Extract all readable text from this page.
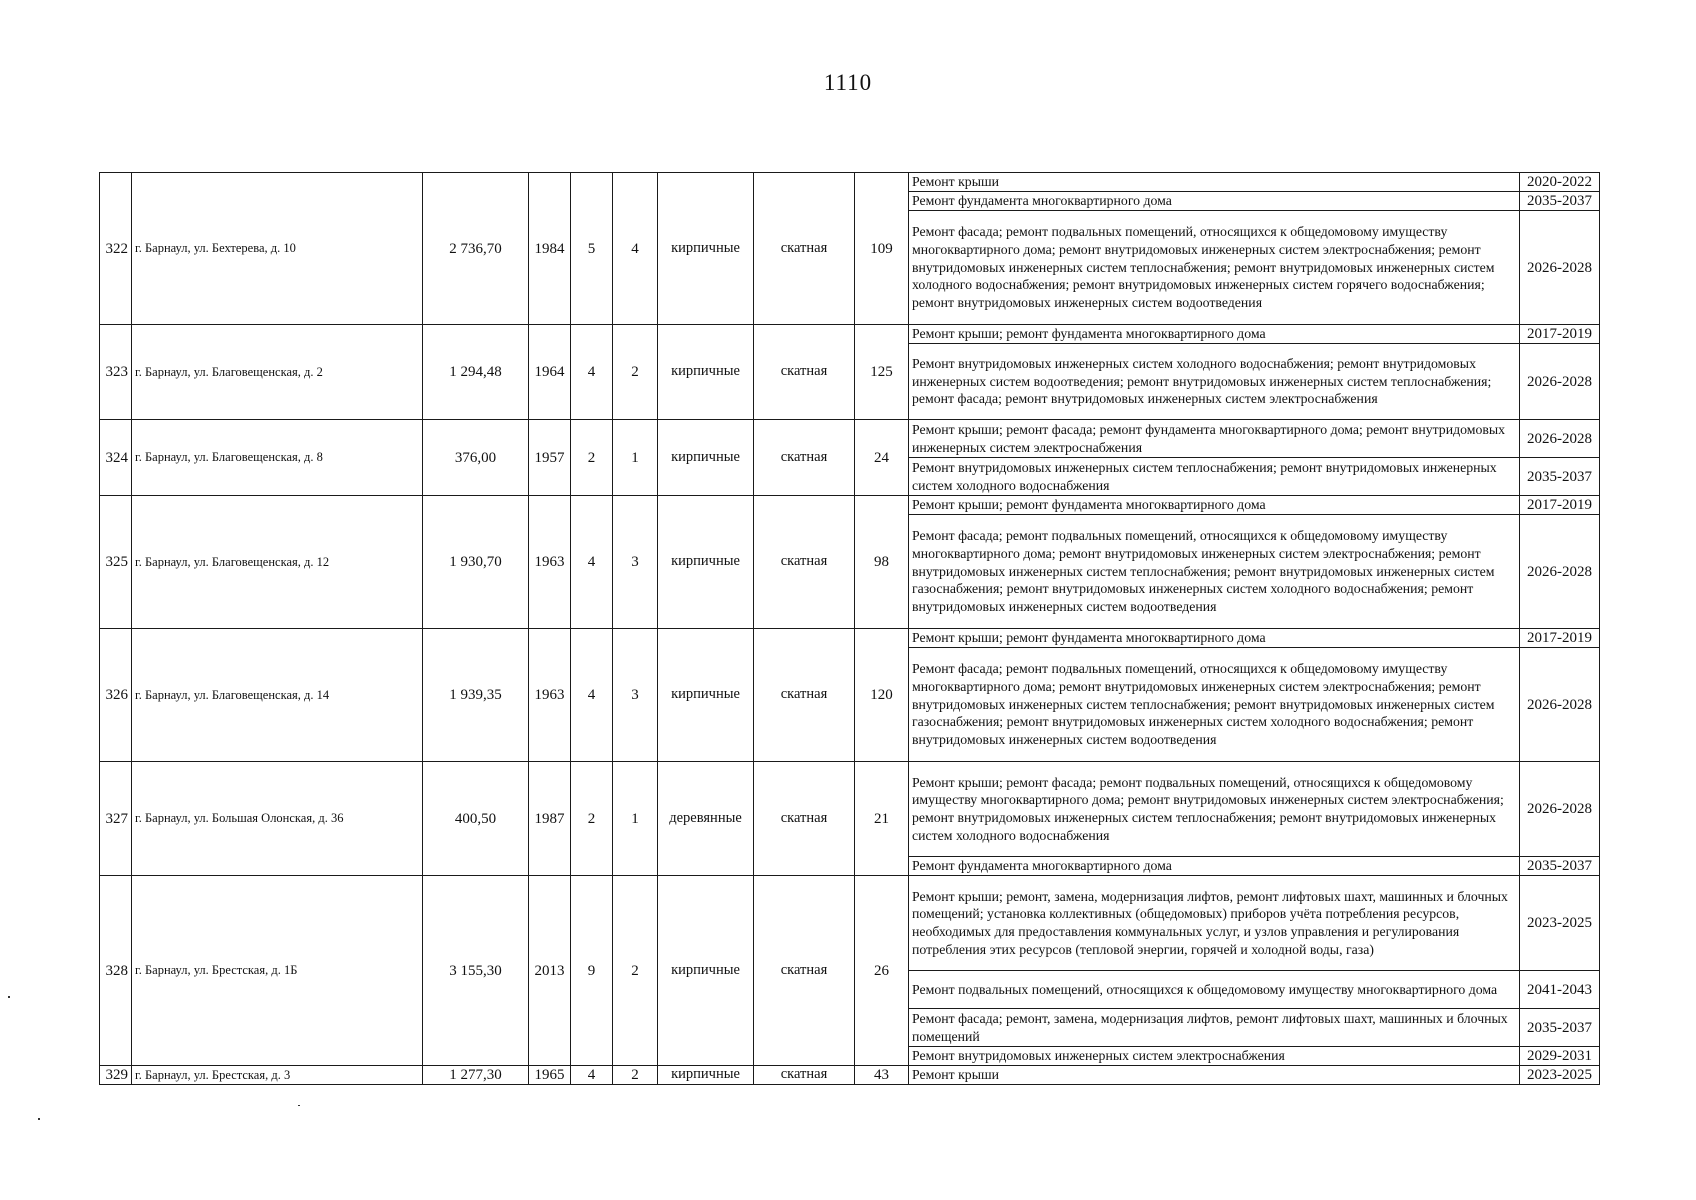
1110
322	г. Барнаул, ул. Бехтерева, д. 10	2 736,70	1984	5	4	кирпичные	скатная	109	Ремонт крыши	2020-2022
									Ремонт фундамента многоквартирного дома	2035-2037
									Ремонт фасада; ремонт подвальных помещений, относящихся к общедомовому имуществу многоквартирного дома; ремонт внутридомовых инженерных систем электроснабжения; ремонт внутридомовых инженерных систем теплоснабжения; ремонт внутридомовых инженерных систем холодного водоснабжения; ремонт внутридомовых инженерных систем горячего водоснабжения; ремонт внутридомовых инженерных систем водоотведения	2026-2028
323	г. Барнаул, ул. Благовещенская, д. 2	1 294,48	1964	4	2	кирпичные	скатная	125	Ремонт крыши; ремонт фундамента многоквартирного дома	2017-2019
									Ремонт внутридомовых инженерных систем холодного водоснабжения; ремонт внутридомовых инженерных систем водоотведения; ремонт внутридомовых инженерных систем теплоснабжения; ремонт фасада; ремонт внутридомовых инженерных систем электроснабжения	2026-2028
324	г. Барнаул, ул. Благовещенская, д. 8	376,00	1957	2	1	кирпичные	скатная	24	Ремонт крыши; ремонт фасада; ремонт фундамента многоквартирного дома; ремонт внутридомовых инженерных систем электроснабжения	2026-2028
									Ремонт внутридомовых инженерных систем теплоснабжения; ремонт внутридомовых инженерных систем холодного водоснабжения	2035-2037
325	г. Барнаул, ул. Благовещенская, д. 12	1 930,70	1963	4	3	кирпичные	скатная	98	Ремонт крыши; ремонт фундамента многоквартирного дома	2017-2019
									Ремонт фасада; ремонт подвальных помещений, относящихся к общедомовому имуществу многоквартирного дома; ремонт внутридомовых инженерных систем электроснабжения; ремонт внутридомовых инженерных систем теплоснабжения; ремонт внутридомовых инженерных систем газоснабжения; ремонт внутридомовых инженерных систем холодного водоснабжения; ремонт внутридомовых инженерных систем водоотведения	2026-2028
326	г. Барнаул, ул. Благовещенская, д. 14	1 939,35	1963	4	3	кирпичные	скатная	120	Ремонт крыши; ремонт фундамента многоквартирного дома	2017-2019
									Ремонт фасада; ремонт подвальных помещений, относящихся к общедомовому имуществу многоквартирного дома; ремонт внутридомовых инженерных систем электроснабжения; ремонт внутридомовых инженерных систем теплоснабжения; ремонт внутридомовых инженерных систем газоснабжения; ремонт внутридомовых инженерных систем холодного водоснабжения; ремонт внутридомовых инженерных систем водоотведения	2026-2028
327	г. Барнаул, ул. Большая Олонская, д. 36	400,50	1987	2	1	деревянные	скатная	21	Ремонт крыши; ремонт фасада; ремонт подвальных помещений, относящихся к общедомовому имуществу многоквартирного дома; ремонт внутридомовых инженерных систем электроснабжения; ремонт внутридомовых инженерных систем теплоснабжения; ремонт внутридомовых инженерных систем холодного водоснабжения	2026-2028
									Ремонт фундамента многоквартирного дома	2035-2037
328	г. Барнаул, ул. Брестская, д. 1Б	3 155,30	2013	9	2	кирпичные	скатная	26	Ремонт крыши; ремонт, замена, модернизация лифтов, ремонт лифтовых шахт, машинных и блочных помещений; установка коллективных (общедомовых) приборов учёта потребления ресурсов, необходимых для предоставления коммунальных услуг, и узлов управления и регулирования потребления этих ресурсов (тепловой энергии, горячей и холодной воды, газа)	2023-2025
									Ремонт подвальных помещений, относящихся к общедомовому имуществу многоквартирного дома	2041-2043
									Ремонт фасада; ремонт, замена, модернизация лифтов, ремонт лифтовых шахт, машинных и блочных помещений	2035-2037
									Ремонт внутридомовых инженерных систем электроснабжения	2029-2031
329	г. Барнаул, ул. Брестская, д. 3	1 277,30	1965	4	2	кирпичные	скатная	43	Ремонт крыши	2023-2025
